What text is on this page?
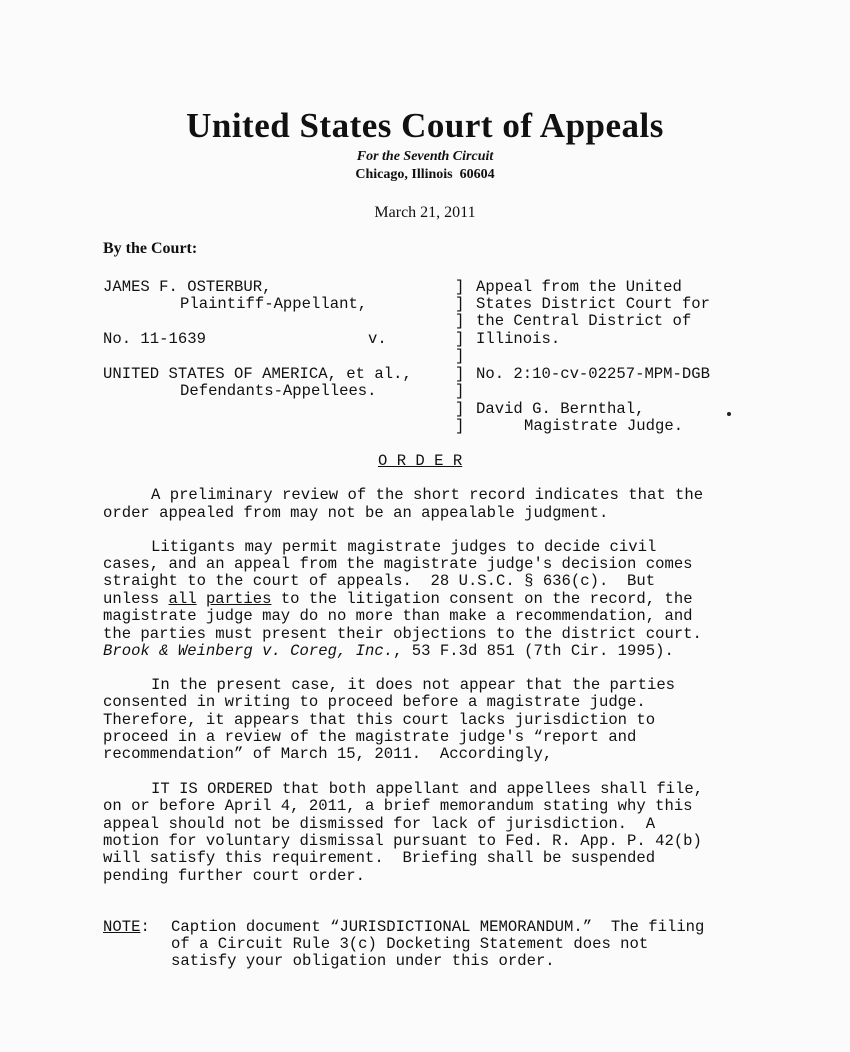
United States Court of Appeals
For the Seventh Circuit
Chicago, Illinois 60604
March 21, 2011
By the Court:
JAMES F. OSTERBUR,
Plaintiff-Appellant,
No. 11-1639	v.
UNITED STATES OF AMERICA, et al.,
Defendants-Appellees.
]
]
]
]
]
]
]
]
]
Appeal from the United
States District Court for
the Central District of
Illinois.
No. 2:10-cv-02257-MPM-DGB
David G. Bernthal,
Magistrate Judge.
O R D E R
A preliminary review of the short record indicates that the
order appealed from may not be an appealable judgment.
Litigants may permit magistrate judges to decide civil
cases, and an appeal from the magistrate judge's decision comes
straight to the court of appeals.  28 U.S.C. § 636(c).  But
unless all parties to the litigation consent on the record, the
magistrate judge may do no more than make a recommendation, and
the parties must present their objections to the district court.
Brook & Weinberg v. Coreg, Inc., 53 F.3d 851 (7th Cir. 1995).
In the present case, it does not appear that the parties
consented in writing to proceed before a magistrate judge.
Therefore, it appears that this court lacks jurisdiction to
proceed in a review of the magistrate judge's “report and
recommendation” of March 15, 2011.  Accordingly,
IT IS ORDERED that both appellant and appellees shall file,
on or before April 4, 2011, a brief memorandum stating why this
appeal should not be dismissed for lack of jurisdiction.  A
motion for voluntary dismissal pursuant to Fed. R. App. P. 42(b)
will satisfy this requirement.  Briefing shall be suspended
pending further court order.
NOTE: Caption document “JURISDICTIONAL MEMORANDUM.”  The filing
of a Circuit Rule 3(c) Docketing Statement does not
satisfy your obligation under this order.
